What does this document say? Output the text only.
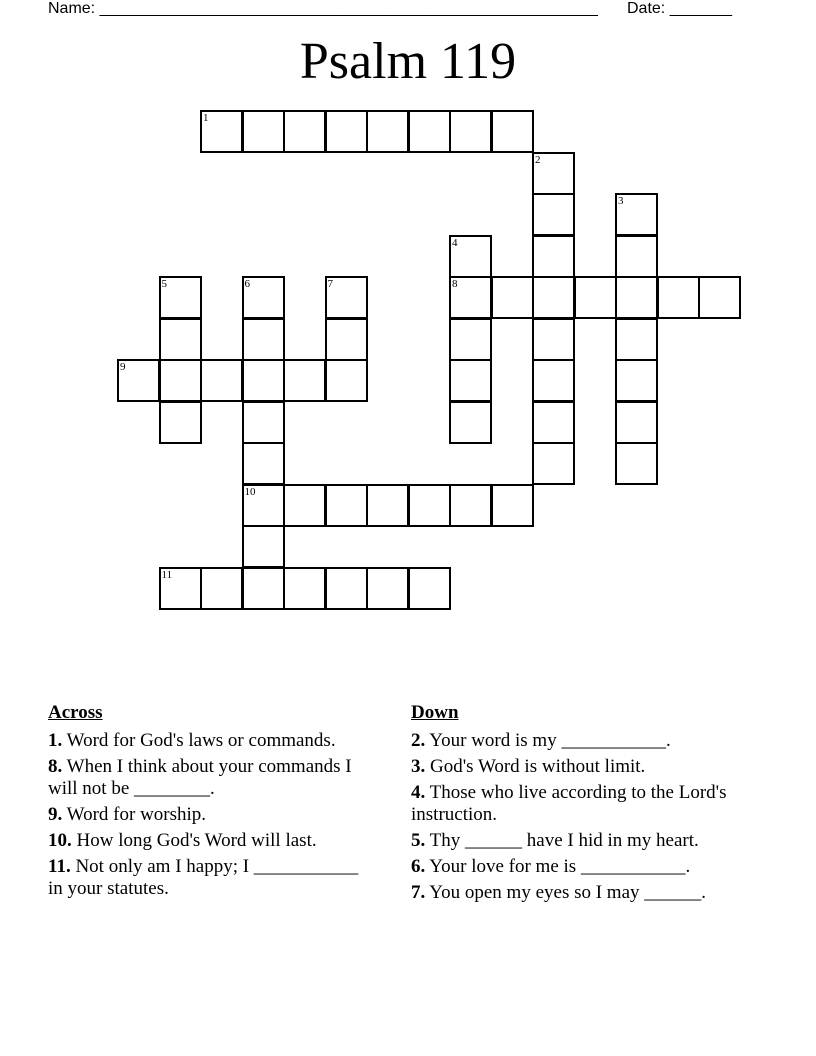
Name: ________________________________________________________ Date: _______
Psalm 119
1
2
3
4
8
5	6
10
7
9
11
Across
1. Word for God's laws or commands.
8. When I think about your commands I will not be ________.
9. Word for worship.
10. How long God's Word will last.
11. Not only am I happy; I ___________ in your statutes.
Down
2. Your word is my ___________.
3. God's Word is without limit.
4. Those who live according to the Lord's instruction.
5. Thy ______ have I hid in my heart.
6. Your love for me is ___________.
7. You open my eyes so I may ______.
